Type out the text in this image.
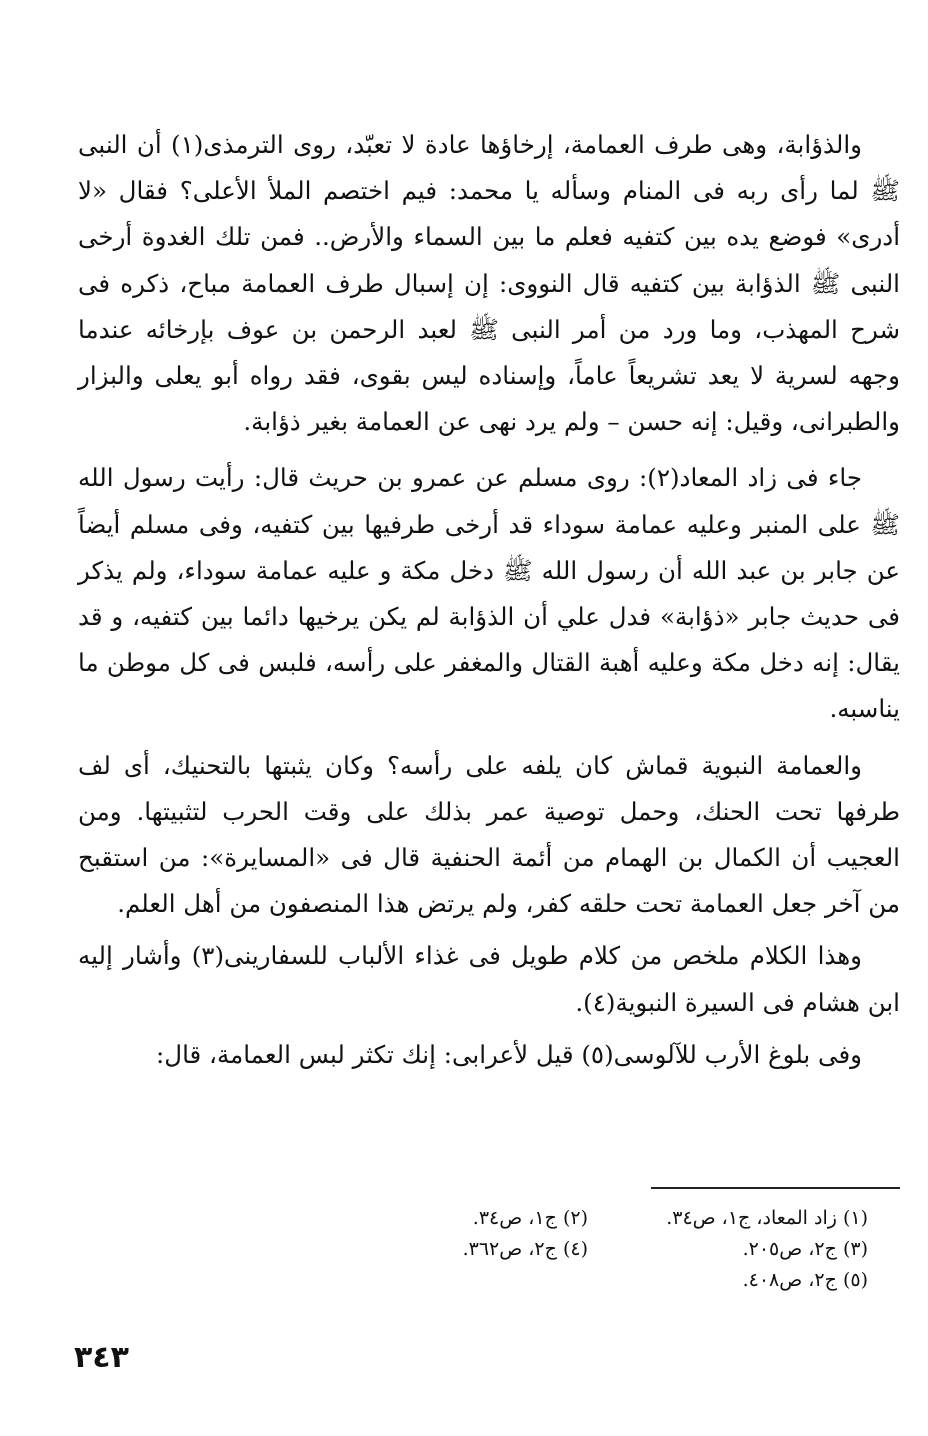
والذؤابة، وهى طرف العمامة، إرخاؤها عادة لا تعبّد، روى الترمذى(١) أن النبى ﷺ لما رأى ربه فى المنام وسأله يا محمد: فيم اختصم الملأ الأعلى؟ فقال «لا أدرى» فوضع يده بين كتفيه فعلم ما بين السماء والأرض.. فمن تلك الغدوة أرخى النبى ﷺ الذؤابة بين كتفيه قال النووى: إن إسبال طرف العمامة مباح، ذكره فى شرح المهذب، وما ورد من أمر النبى ﷺ لعبد الرحمن بن عوف بإرخائه عندما وجهه لسرية لا يعد تشريعاً عاماً، وإسناده ليس بقوى، فقد رواه أبو يعلى والبزار والطبرانى، وقيل: إنه حسن – ولم يرد نهى عن العمامة بغير ذؤابة.

جاء فى زاد المعاد(٢): روى مسلم عن عمرو بن حريث قال: رأيت رسول الله ﷺ على المنبر وعليه عمامة سوداء قد أرخى طرفيها بين كتفيه، وفى مسلم أيضاً عن جابر بن عبد الله أن رسول الله ﷺ دخل مكة و عليه عمامة سوداء، ولم يذكر فى حديث جابر «ذؤابة» فدل علي أن الذؤابة لم يكن يرخيها دائما بين كتفيه، و قد يقال: إنه دخل مكة وعليه أهبة القتال والمغفر على رأسه، فلبس فى كل موطن ما يناسبه.

والعمامة النبوية قماش كان يلفه على رأسه؟ وكان يثبتها بالتحنيك، أى لف طرفها تحت الحنك، وحمل توصية عمر بذلك على وقت الحرب لتثبيتها. ومن العجيب أن الكمال بن الهمام من أئمة الحنفية قال فى «المسايرة»: من استقبح من آخر جعل العمامة تحت حلقه كفر، ولم يرتض هذا المنصفون من أهل العلم.

وهذا الكلام ملخص من كلام طويل فى غذاء الألباب للسفارينى(٣) وأشار إليه ابن هشام فى السيرة النبوية(٤).

وفى بلوغ الأرب للآلوسى(٥) قيل لأعرابى: إنك تكثر لبس العمامة، قال:

(١) زاد المعاد، ج١، ص٣٤.
(٢) ج١، ص٣٤.
(٣) ج٢، ص٢٠٥.
(٤) ج٢، ص٣٦٢.
(٥) ج٢، ص٤٠٨.
٣٤٣
